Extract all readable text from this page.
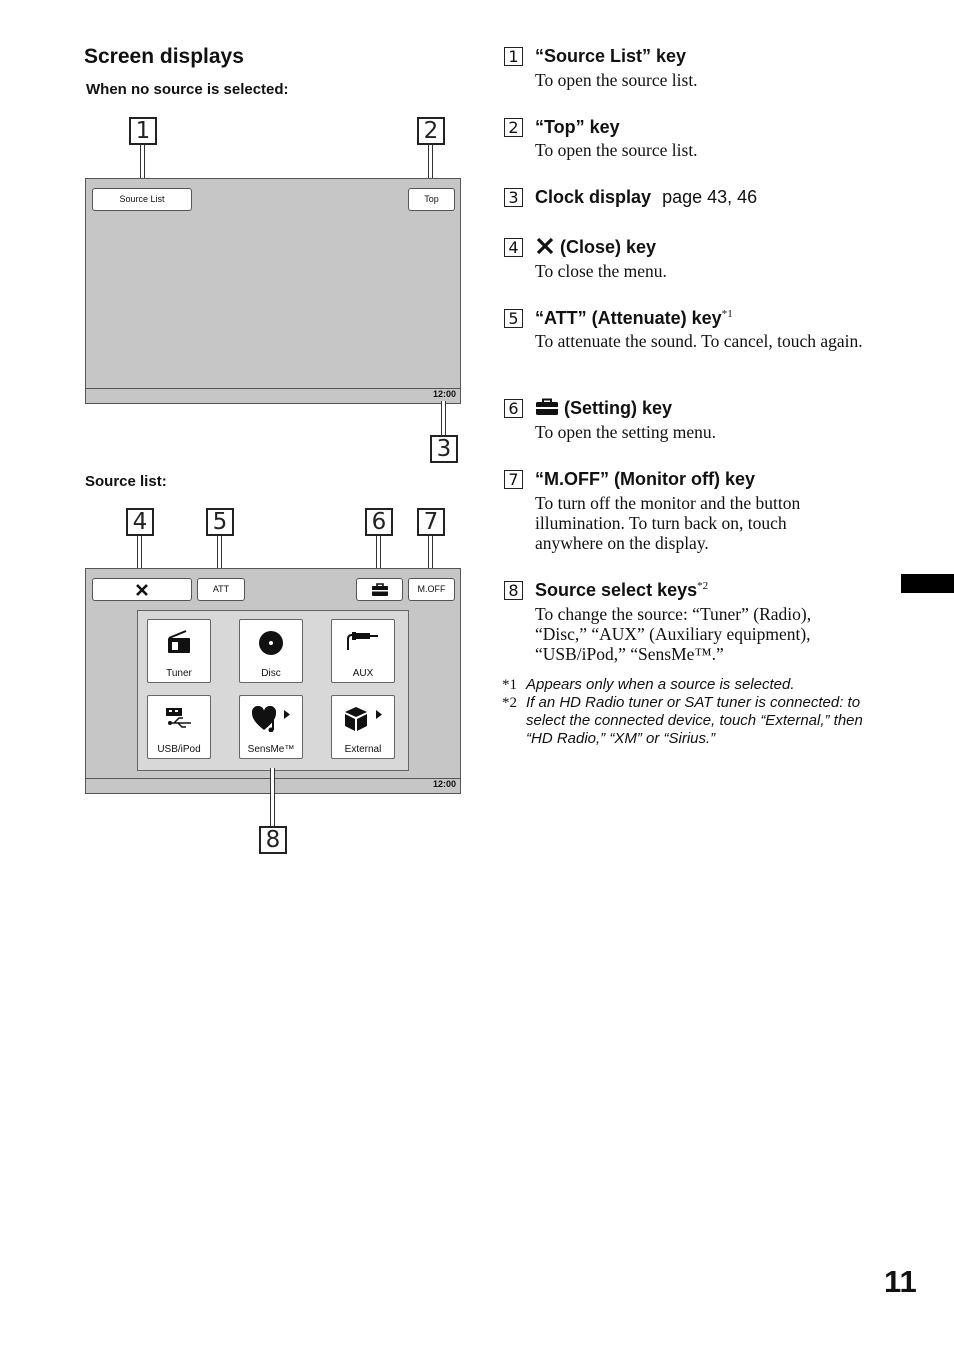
Screen displays
When no source is selected:
1	2
Source List	Top
12:00
3
Source list:
4	5	6 7
ATT	M.OFF
Tuner	Disc	AUX
USB/iPod	SensMe™	External
12:00
8
1 “Source List” key
To open the source list.
2 “Top” key
To open the source list.
3 Clock display page 43, 46
4	(Close) key
To close the menu.
5 “ATT” (Attenuate) key$^{*1}$
To attenuate the sound. To cancel, touch again.
6	(Setting) key
To open the setting menu.
7 “M.OFF” (Monitor off) key
To turn off the monitor and the button illumination. To turn back on, touch anywhere on the display.
8 Source select keys$^{*2}$
To change the source: “Tuner” (Radio), “Disc,” “AUX” (Auxiliary equipment), “USB/iPod,” “SensMe™.”
*1 Appears only when a source is selected.
*2 If an HD Radio tuner or SAT tuner is connected: to select the connected device, touch “External,” then “HD Radio,” “XM” or “Sirius.”
11
